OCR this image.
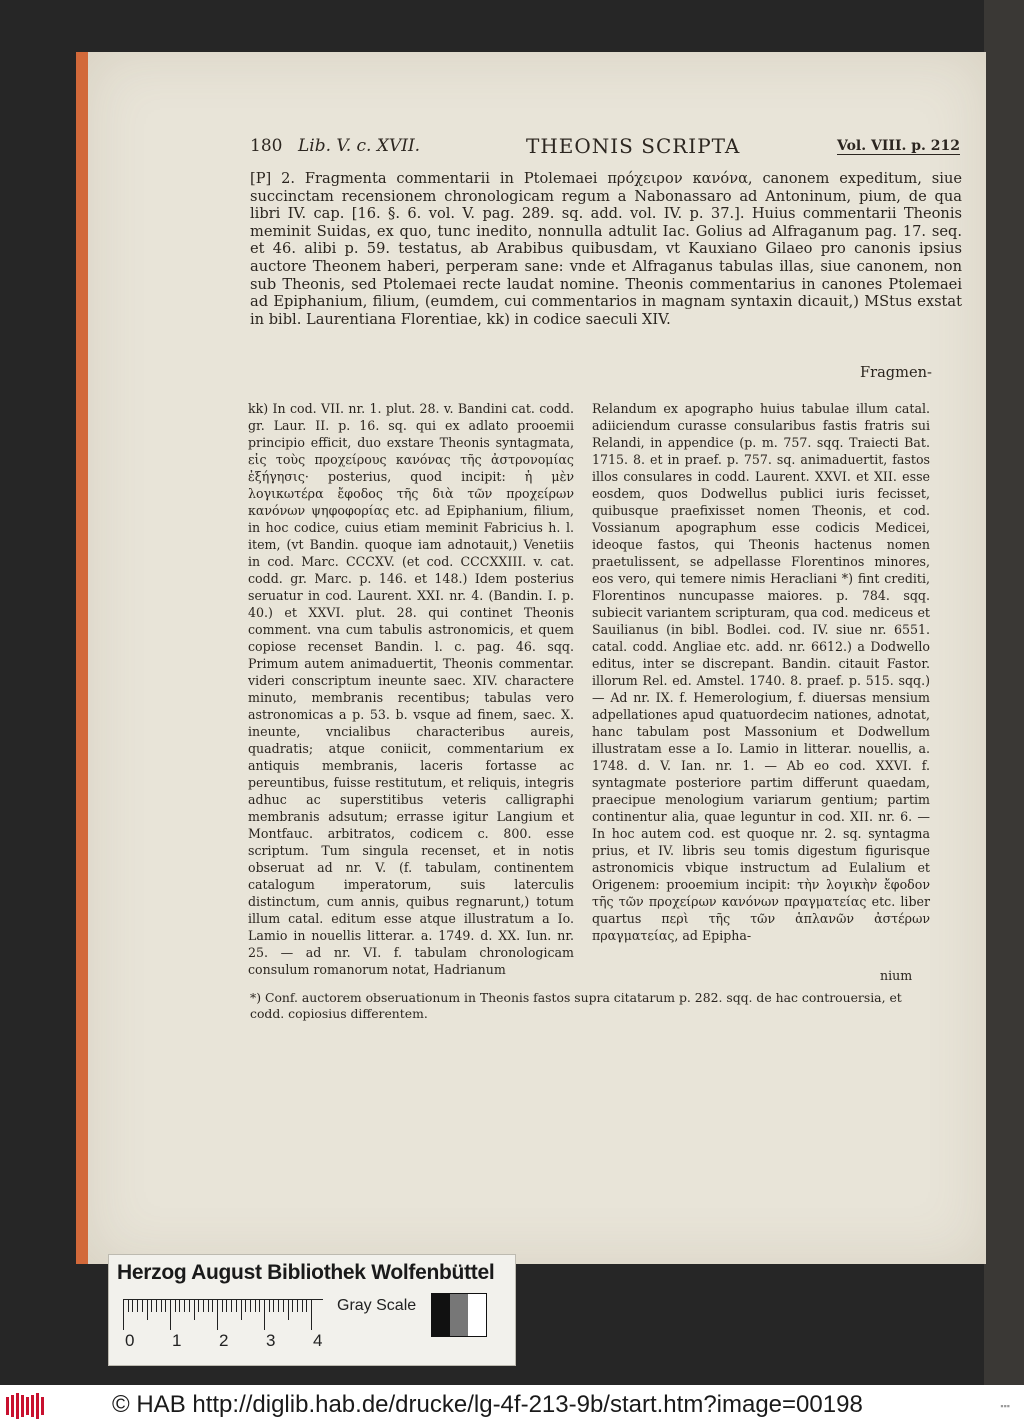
180 Lib. V. c. XVII.	THEONIS SCRIPTA	Vol. VIII. p. 212
[P] 2. Fragmenta commentarii in Ptolemaei πρόχειρον κανόνα, canonem expeditum, siue succinctam recensionem chronologicam regum a Nabonassaro ad Antoninum, pium, de qua libri IV. cap. [16. §. 6. vol. V. pag. 289. sq. add. vol. IV. p. 37.]. Huius commentarii Theonis meminit Suidas, ex quo, tunc inedito, nonnulla adtulit Iac. Golius ad Alfraganum pag. 17. seq. et 46. alibi p. 59. testatus, ab Arabibus quibusdam, vt Kauxiano Gilaeo pro canonis ipsius auctore Theonem haberi, perperam sane: vnde et Alfraganus tabulas illas, siue canonem, non sub Theonis, sed Ptolemaei recte laudat nomine. Theonis commentarius in canones Ptolemaei ad Epiphanium, filium, (eumdem, cui commentarios in magnam syntaxin dicauit,) MStus exstat in bibl. Laurentiana Florentiae, kk) in codice saeculi XIV.
Fragmen-
kk) In cod. VII. nr. 1. plut. 28. v. Bandini cat. codd. gr. Laur. II. p. 16. sq. qui ex adlato prooemii principio efficit, duo exstare Theonis syntagmata, εἰς τοὺς προχείρους κανόνας τῆς ἀστρονομίας ἐξήγησις· posterius, quod incipit: ἡ μὲν λογικωτέρα ἔφοδος τῆς διὰ τῶν προχείρων κανόνων ψηφοφορίας etc. ad Epiphanium, filium, in hoc codice, cuius etiam meminit Fabricius h. l. item, (vt Bandin. quoque iam adnotauit,) Venetiis in cod. Marc. CCCXV. (et cod. CCCXXIII. v. cat. codd. gr. Marc. p. 146. et 148.) Idem posterius seruatur in cod. Laurent. XXI. nr. 4. (Bandin. I. p. 40.) et XXVI. plut. 28. qui continet Theonis comment. vna cum tabulis astronomicis, et quem copiose recenset Bandin. l. c. pag. 46. sqq. Primum autem animaduertit, Theonis commentar. videri conscriptum ineunte saec. XIV. charactere minuto, membranis recentibus; tabulas vero astronomicas a p. 53. b. vsque ad finem, saec. X. ineunte, vncialibus characteribus aureis, quadratis; atque coniicit, commentarium ex antiquis membranis, laceris fortasse ac pereuntibus, fuisse restitutum, et reliquis, integris adhuc ac superstitibus veteris calligraphi membranis adsutum; errasse igitur Langium et Montfauc. arbitratos, codicem c. 800. esse scriptum. Tum singula recenset, et in notis obseruat ad nr. V. (f. tabulam, continentem catalogum imperatorum, suis laterculis distinctum, cum annis, quibus regnarunt,) totum illum catal. editum esse atque illustratum a Io. Lamio in nouellis litterar. a. 1749. d. XX. Iun. nr. 25. — ad nr. VI. f. tabulam chronologicam consulum romanorum notat, Hadrianum
Relandum ex apographo huius tabulae illum catal. adiiciendum curasse consularibus fastis fratris sui Relandi, in appendice (p. m. 757. sqq. Traiecti Bat. 1715. 8. et in praef. p. 757. sq. animaduertit, fastos illos consulares in codd. Laurent. XXVI. et XII. esse eosdem, quos Dodwellus publici iuris fecisset, quibusque praefixisset nomen Theonis, et cod. Vossianum apographum esse codicis Medicei, ideoque fastos, qui Theonis hactenus nomen praetulissent, se adpellasse Florentinos minores, eos vero, qui temere nimis Heracliani *) fint crediti, Florentinos nuncupasse maiores. p. 784. sqq. subiecit variantem scripturam, qua cod. mediceus et Sauilianus (in bibl. Bodlei. cod. IV. siue nr. 6551. catal. codd. Angliae etc. add. nr. 6612.) a Dodwello editus, inter se discrepant. Bandin. citauit Fastor. illorum Rel. ed. Amstel. 1740. 8. praef. p. 515. sqq.) — Ad nr. IX. f. Hemerologium, f. diuersas mensium adpellationes apud quatuordecim nationes, adnotat, hanc tabulam post Massonium et Dodwellum illustratam esse a Io. Lamio in litterar. nouellis, a. 1748. d. V. Ian. nr. 1. — Ab eo cod. XXVI. f. syntagmate posteriore partim differunt quaedam, praecipue menologium variarum gentium; partim continentur alia, quae leguntur in cod. XII. nr. 6. — In hoc autem cod. est quoque nr. 2. sq. syntagma prius, et IV. libris seu tomis digestum figurisque astronomicis vbique instructum ad Eulalium et Origenem: prooemium incipit: τὴν λογικὴν ἔφοδον τῆς τῶν προχείρων κανόνων πραγματείας etc. liber quartus περὶ τῆς τῶν ἁπλανῶν ἀστέρων πραγματείας, ad Epipha-
nium
*) Conf. auctorem obseruationum in Theonis fastos supra citatarum p. 282. sqq. de hac controuersia, et codd. copiosius differentem.
Herzog August Bibliothek Wolfenbüttel
0 1 2 3 4
Gray Scale
© HAB http://diglib.hab.de/drucke/lg-4f-213-9b/start.htm?image=00198	▪▪▪
